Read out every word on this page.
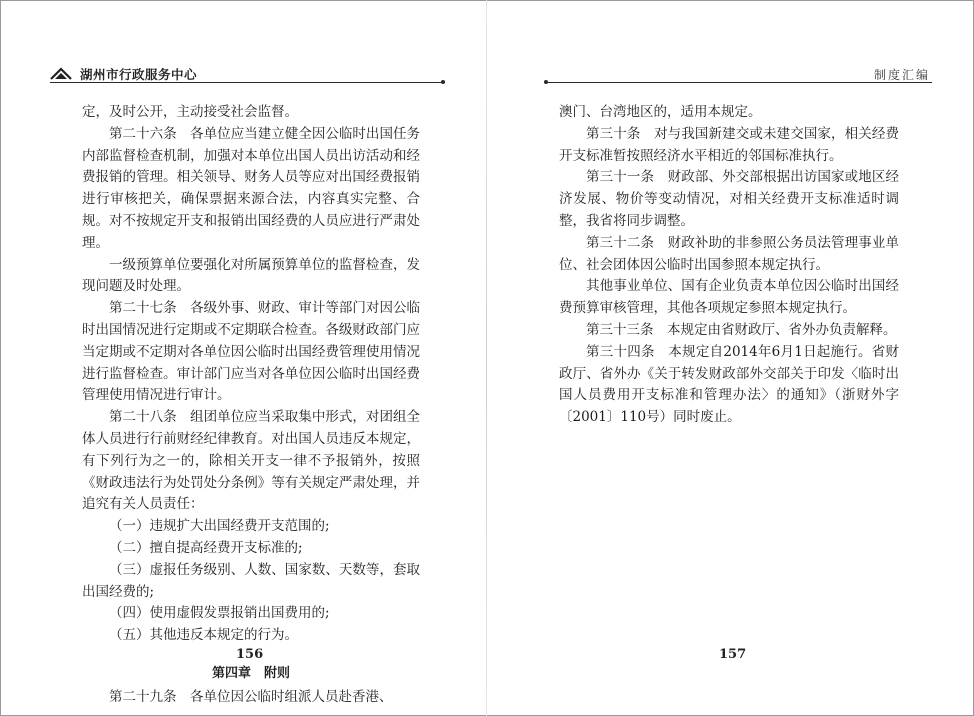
湖州市行政服务中心

定，及时公开，主动接受社会监督。

第二十六条　各单位应当建立健全因公临时出国任务内部监督检查机制，加强对本单位出国人员出访活动和经费报销的管理。相关领导、财务人员等应对出国经费报销进行审核把关，确保票据来源合法，内容真实完整、合规。对不按规定开支和报销出国经费的人员应进行严肃处理。

一级预算单位要强化对所属预算单位的监督检查，发现问题及时处理。

第二十七条　各级外事、财政、审计等部门对因公临时出国情况进行定期或不定期联合检查。各级财政部门应当定期或不定期对各单位因公临时出国经费管理使用情况进行监督检查。审计部门应当对各单位因公临时出国经费管理使用情况进行审计。

第二十八条　组团单位应当采取集中形式，对团组全体人员进行行前财经纪律教育。对出国人员违反本规定，有下列行为之一的，除相关开支一律不予报销外，按照《财政违法行为处罚处分条例》等有关规定严肃处理，并追究有关人员责任：

（一）违规扩大出国经费开支范围的;

（二）擅自提高经费开支标准的;

（三）虚报任务级别、人数、国家数、天数等，套取出国经费的;

（四）使用虚假发票报销出国费用的;

（五）其他违反本规定的行为。

第四章　附则

第二十九条　各单位因公临时组派人员赴香港、

156
制度汇编

澳门、台湾地区的，适用本规定。

第三十条　对与我国新建交或未建交国家，相关经费开支标准暂按照经济水平相近的邻国标准执行。

第三十一条　财政部、外交部根据出访国家或地区经济发展、物价等变动情况，对相关经费开支标准适时调整，我省将同步调整。

第三十二条　财政补助的非参照公务员法管理事业单位、社会团体因公临时出国参照本规定执行。

其他事业单位、国有企业负责本单位因公临时出国经费预算审核管理，其他各项规定参照本规定执行。

第三十三条　本规定由省财政厅、省外办负责解释。

第三十四条　本规定自2014年6月1日起施行。省财政厅、省外办《关于转发财政部外交部关于印发〈临时出国人员费用开支标准和管理办法〉的通知》（浙财外字〔2001〕110号）同时废止。

157
